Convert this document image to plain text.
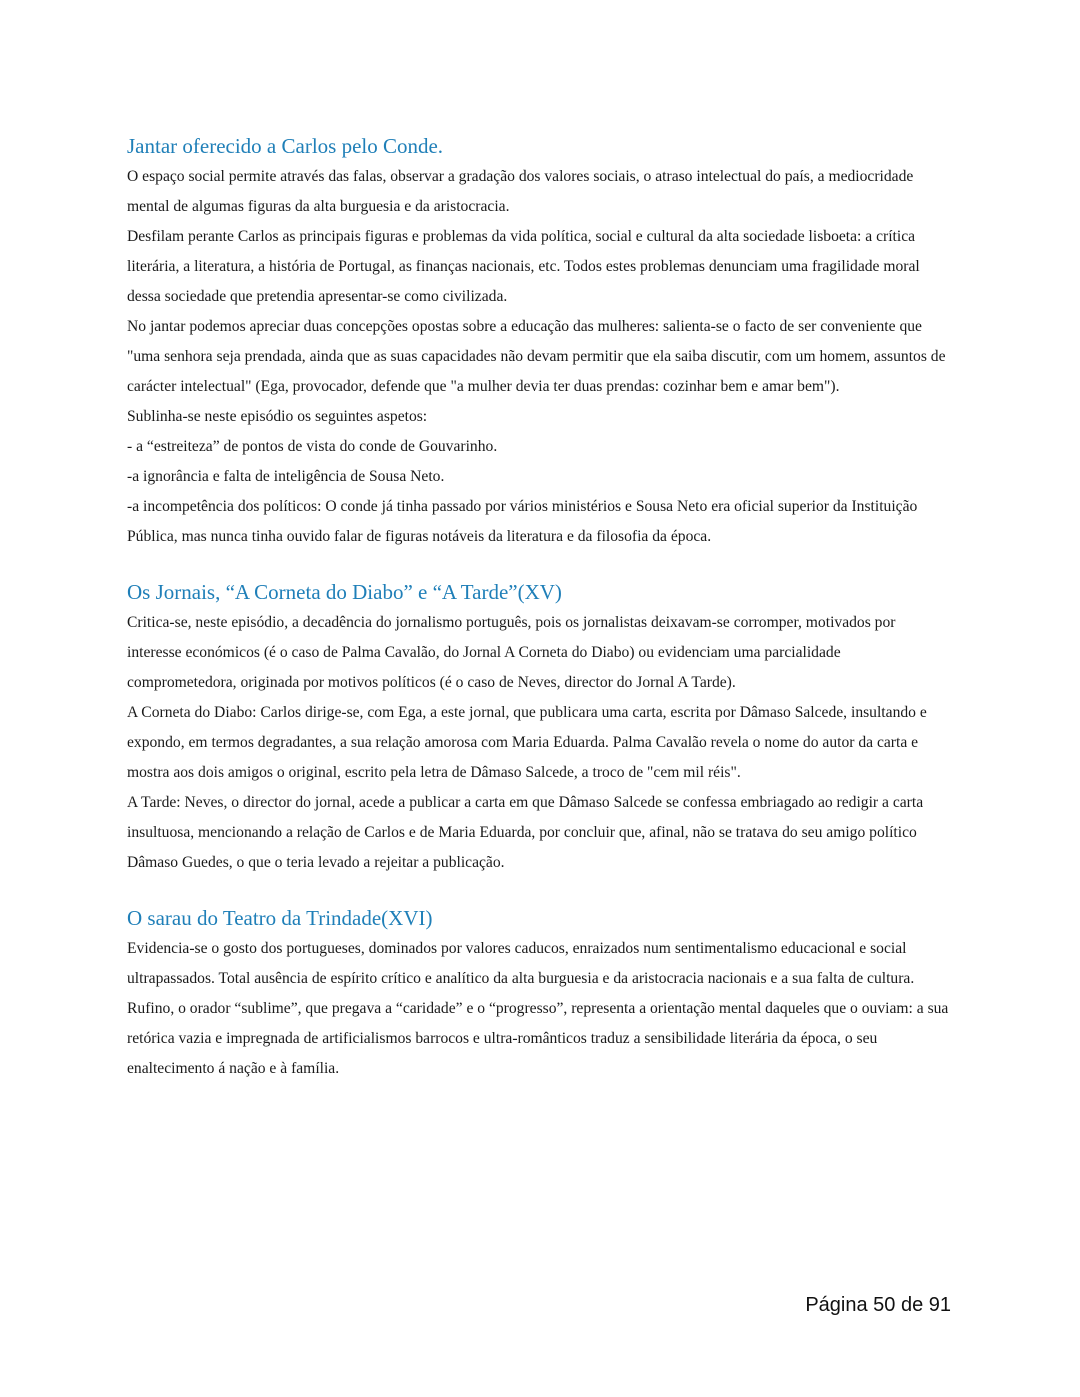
Jantar oferecido a Carlos pelo Conde.

O espaço social permite através das falas, observar a gradação dos valores sociais, o atraso intelectual do país, a mediocridade mental de algumas figuras da alta burguesia e da aristocracia.

Desfilam perante Carlos as principais figuras e problemas da vida política, social e cultural da alta sociedade lisboeta: a crítica literária, a literatura, a história de Portugal, as finanças nacionais, etc. Todos estes problemas denunciam uma fragilidade moral dessa sociedade que pretendia apresentar-se como civilizada.

No jantar podemos apreciar duas concepções opostas sobre a educação das mulheres: salienta-se o facto de ser conveniente que "uma senhora seja prendada, ainda que as suas capacidades não devam permitir que ela saiba discutir, com um homem, assuntos de carácter intelectual" (Ega, provocador, defende que "a mulher devia ter duas prendas: cozinhar bem e amar bem").

Sublinha-se neste episódio os seguintes aspetos:

- a “estreiteza” de pontos de vista do conde de Gouvarinho.

-a ignorância e falta de inteligência de Sousa Neto.

-a incompetência dos políticos: O conde já tinha passado por vários ministérios e Sousa Neto era oficial superior da Instituição Pública, mas nunca tinha ouvido falar de figuras notáveis da literatura e da filosofia da época.

Os Jornais, “A Corneta do Diabo” e “A Tarde”(XV)

Critica-se, neste episódio, a decadência do jornalismo português, pois os jornalistas deixavam-se corromper, motivados por interesse económicos (é o caso de Palma Cavalão, do Jornal A Corneta do Diabo) ou evidenciam uma parcialidade comprometedora, originada por motivos políticos (é o caso de Neves, director do Jornal A Tarde).

A Corneta do Diabo: Carlos dirige-se, com Ega, a este jornal, que publicara uma carta, escrita por Dâmaso Salcede, insultando e expondo, em termos degradantes, a sua relação amorosa com Maria Eduarda. Palma Cavalão revela o nome do autor da carta e mostra aos dois amigos o original, escrito pela letra de Dâmaso Salcede, a troco de "cem mil réis".

A Tarde: Neves, o director do jornal, acede a publicar a carta em que Dâmaso Salcede se confessa embriagado ao redigir a carta insultuosa, mencionando a relação de Carlos e de Maria Eduarda, por concluir que, afinal, não se tratava do seu amigo político Dâmaso Guedes, o que o teria levado a rejeitar a publicação.

O sarau do Teatro da Trindade(XVI)

Evidencia-se o gosto dos portugueses, dominados por valores caducos, enraizados num sentimentalismo educacional e social ultrapassados. Total ausência de espírito crítico e analítico da alta burguesia e da aristocracia nacionais e a sua falta de cultura.

Rufino, o orador “sublime”, que pregava a “caridade” e o “progresso”, representa a orientação mental daqueles que o ouviam: a sua retórica vazia e impregnada de artificialismos barrocos e ultra-românticos traduz a sensibilidade literária da época, o seu enaltecimento á nação e à família.

Página 50 de 91
